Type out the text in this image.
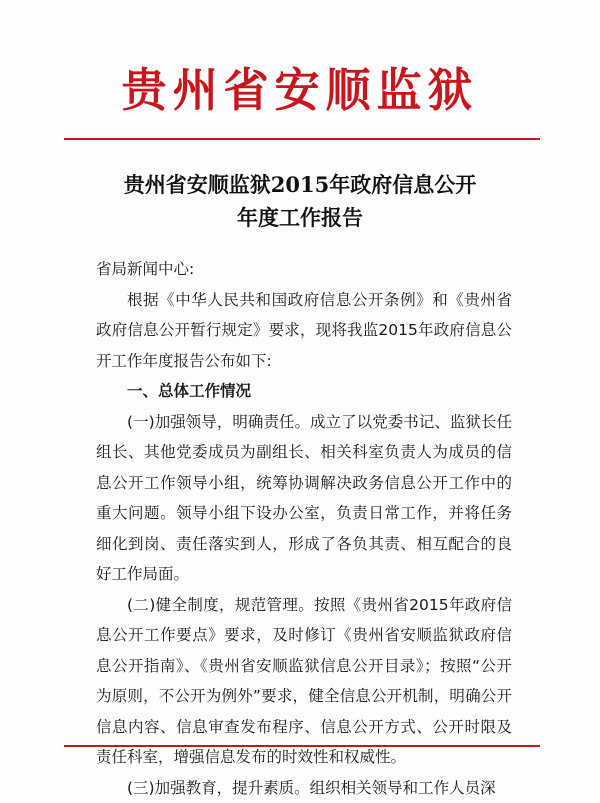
贵州省安顺监狱
贵州省安顺监狱2015年政府信息公开
年度工作报告

省局新闻中心:

根据《中华人民共和国政府信息公开条例》和《贵州省政府信息公开暂行规定》要求，现将我监2015年政府信息公开工作年度报告公布如下:

一、总体工作情况

(一)加强领导，明确责任。成立了以党委书记、监狱长任组长、其他党委成员为副组长、相关科室负责人为成员的信息公开工作领导小组，统筹协调解决政务信息公开工作中的重大问题。领导小组下设办公室，负责日常工作，并将任务细化到岗、责任落实到人，形成了各负其责、相互配合的良好工作局面。

(二)健全制度，规范管理。按照《贵州省2015年政府信息公开工作要点》要求，及时修订《贵州省安顺监狱政府信息公开指南》、《贵州省安顺监狱信息公开目录》；按照“公开为原则，不公开为例外”要求，健全信息公开机制，明确公开信息内容、信息审查发布程序、信息公开方式、公开时限及责任科室，增强信息发布的时效性和权威性。

(三)加强教育，提升素质。组织相关领导和工作人员深
